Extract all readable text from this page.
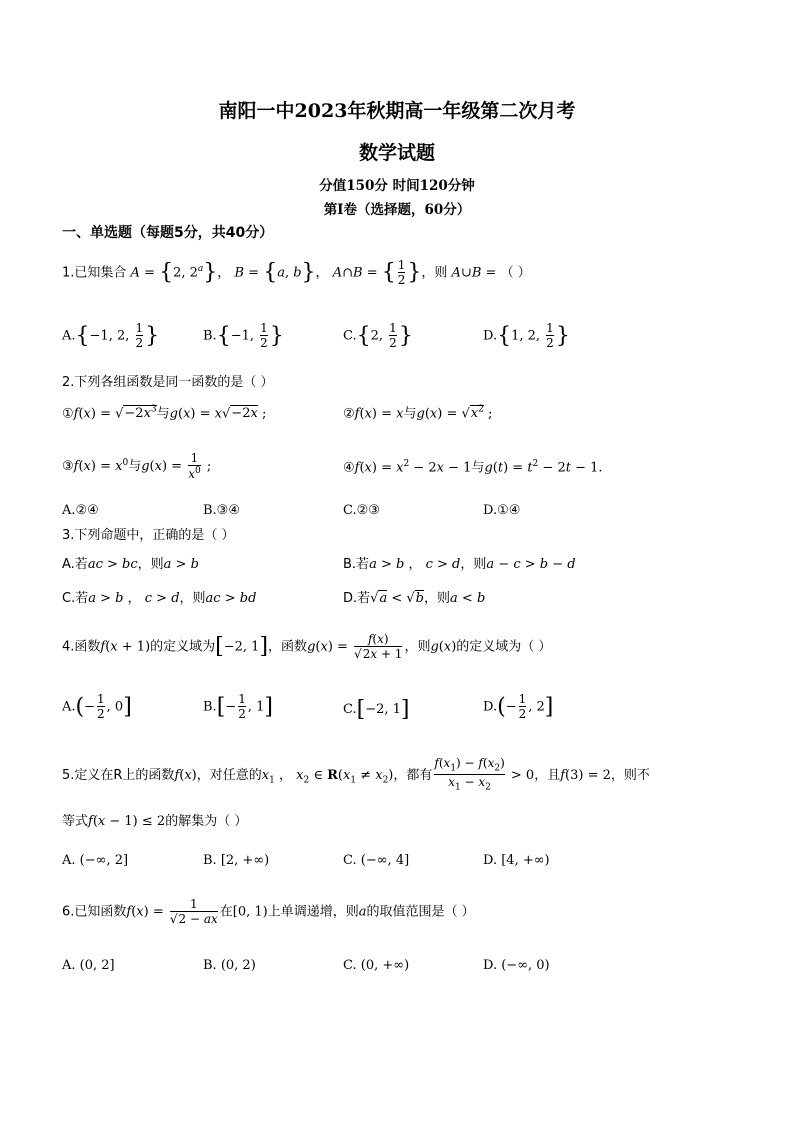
南阳一中2023年秋期高一年级第二次月考
数学试题
分值150分 时间120分钟
第Ⅰ卷（选择题，60分）
一、单选题（每题5分，共40分）
1.已知集合 A = {2, 2$^a$}， B = {a, b}， A∩B = { $\frac{1}{2}$ }，则 A∪B = （ ）
A.{−1, 2, $\frac{1}{2}$ }	B.{−1, $\frac{1}{2}$ }	C.{2, $\frac{1}{2}$ }	D.{1, 2, $\frac{1}{2}$ }
2.下列各组函数是同一函数的是（ ）
①f(x) = $√-2x^3$与g(x) = x√−2x ;	②f(x) = x与$g(x) = √x^2$ ;
③f(x) = $x^0$与$g(x) = \frac{1}{x^0}$ ;	④f(x) = $x^2 - 2x - 1$与$g(t) = t^2 - 2t - 1$.
A.②④	B.③④	C.②③	D.①④
3.下列命题中，正确的是（ ）
A.若ac > bc，则a > b	B.若a > b ， c > d，则a − c > b − d
C.若a > b ， c > d，则ac > bd	D.若√a < √b，则a < b
4.函数f(x + 1)的定义域为[−2, 1]，函数$g(x) = \frac{f(x)}{√2x + 1}$ ，则g(x)的定义域为（ ）
$A.(- \frac{1}{2}$ , 0]	$B.[- \frac{1}{2}$ , 1]	C.[−2, 1]	$D.(- \frac{1}{2}$ , 2]
5.定义在R上的函数f(x)，对任意的$x_1$ ， $x_2$ ∈ $R(x_1 \ne x_2)$，都有 $\frac{f(x_1) - f(x_2)}{x_1 - x_2} > 0$，且f(3) = 2，则不
等式f(x − 1) ≤ 2的解集为（ ）
A. (−∞, 2]	B. [2, +∞)	C. (−∞, 4]	D. [4, +∞)
6.已知函数$f(x) = \frac{1}{√2 - ax}$ 在[0, 1)上单调递增，则a的取值范围是（ ）
A. (0, 2]	B. (0, 2)	C. (0, +∞)	D. (−∞, 0)
